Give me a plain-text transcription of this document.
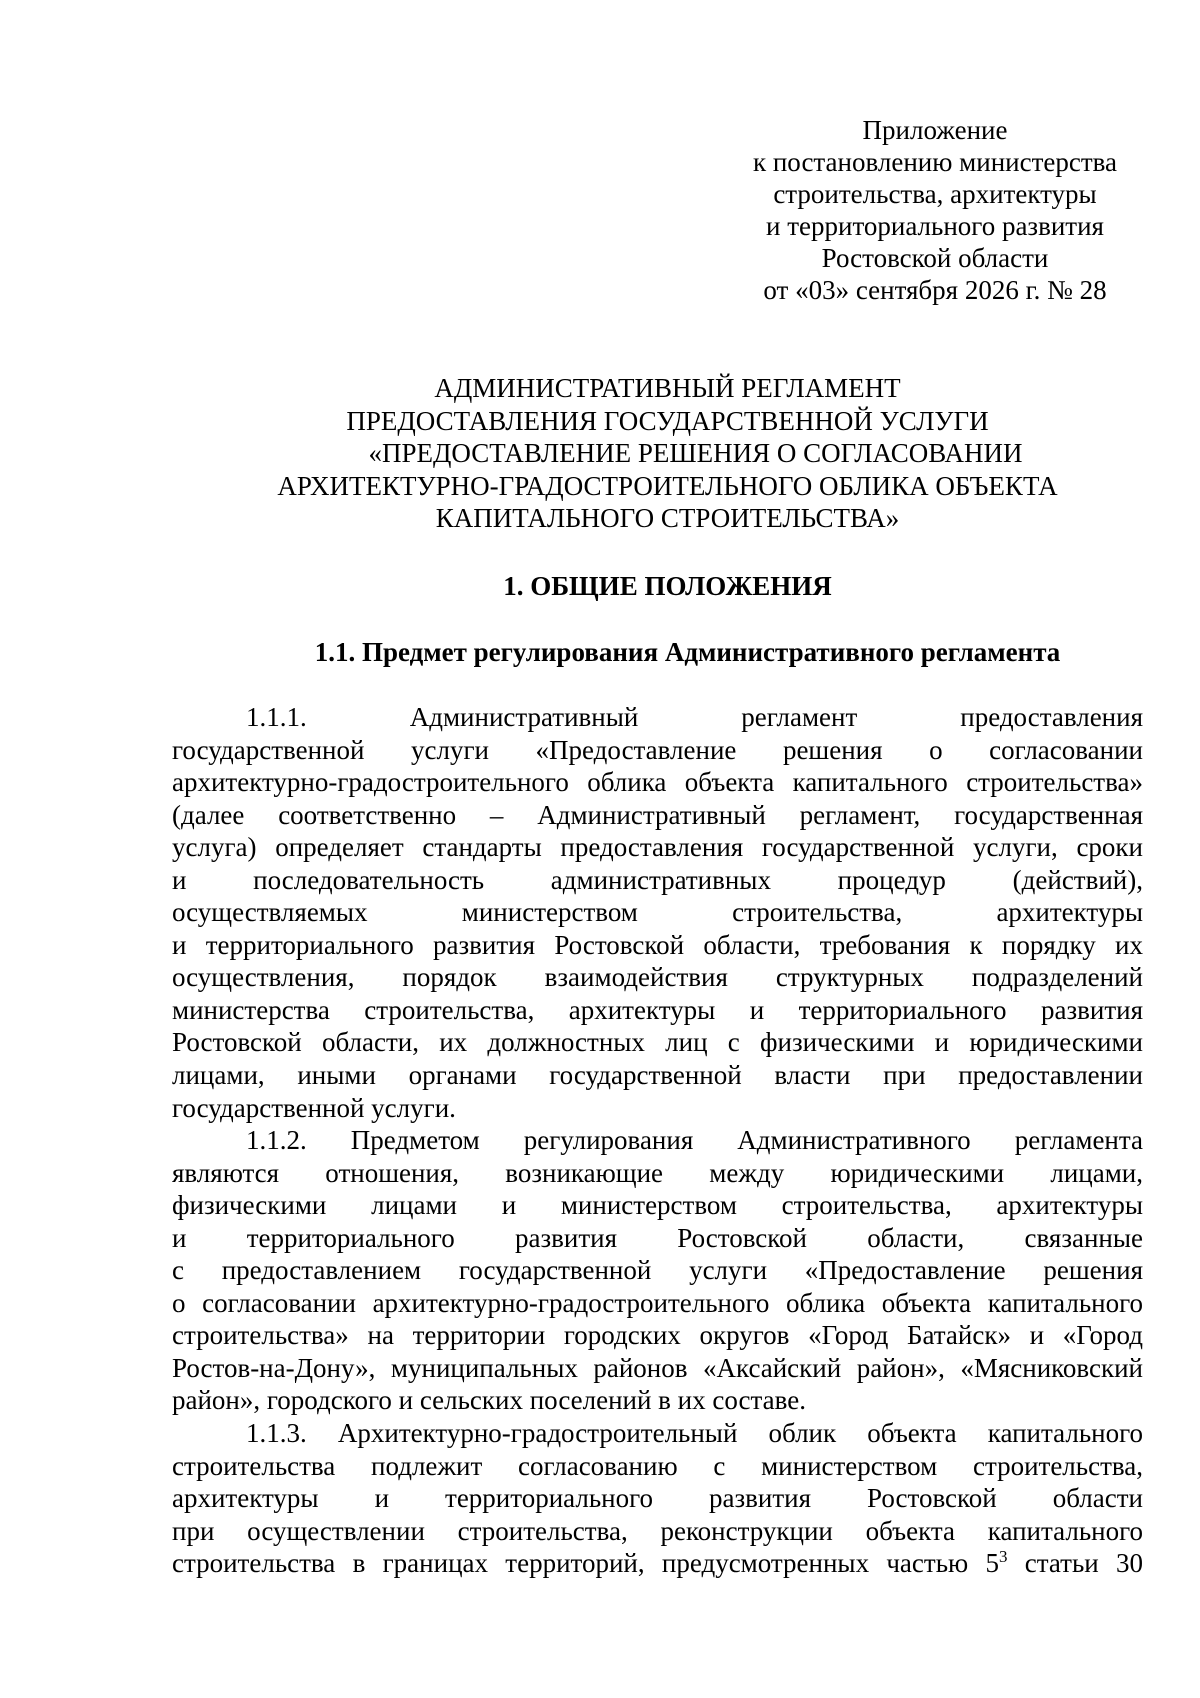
Приложение
к постановлению министерства
строительства, архитектуры
и территориального развития
Ростовской области
от «03» сентября 2026 г. № 28
АДМИНИСТРАТИВНЫЙ РЕГЛАМЕНТ
ПРЕДОСТАВЛЕНИЯ ГОСУДАРСТВЕННОЙ УСЛУГИ
«ПРЕДОСТАВЛЕНИЕ РЕШЕНИЯ О СОГЛАСОВАНИИ
АРХИТЕКТУРНО-ГРАДОСТРОИТЕЛЬНОГО ОБЛИКА ОБЪЕКТА
КАПИТАЛЬНОГО СТРОИТЕЛЬСТВА»
1. ОБЩИЕ ПОЛОЖЕНИЯ
1.1. Предмет регулирования Административного регламента
1.1.1. Административный регламент предоставления
государственной услуги «Предоставление решения о согласовании
архитектурно-градостроительного облика объекта капитального строительства»
(далее соответственно – Административный регламент, государственная
услуга) определяет стандарты предоставления государственной услуги, сроки
и последовательность административных процедур (действий),
осуществляемых министерством строительства, архитектуры
и территориального развития Ростовской области, требования к порядку их
осуществления, порядок взаимодействия структурных подразделений
министерства строительства, архитектуры и территориального развития
Ростовской области, их должностных лиц с физическими и юридическими
лицами, иными органами государственной власти при предоставлении
государственной услуги.
1.1.2. Предметом регулирования Административного регламента
являются отношения, возникающие между юридическими лицами,
физическими лицами и министерством строительства, архитектуры
и территориального развития Ростовской области, связанные
с предоставлением государственной услуги «Предоставление решения
о согласовании архитектурно-градостроительного облика объекта капитального
строительства» на территории городских округов «Город Батайск» и «Город
Ростов-на-Дону», муниципальных районов «Аксайский район», «Мясниковский
район», городского и сельских поселений в их составе.
1.1.3. Архитектурно-градостроительный облик объекта капитального
строительства подлежит согласованию с министерством строительства,
архитектуры и территориального развития Ростовской области
при осуществлении строительства, реконструкции объекта капитального
строительства в границах территорий, предусмотренных частью $5^3$ статьи 30
